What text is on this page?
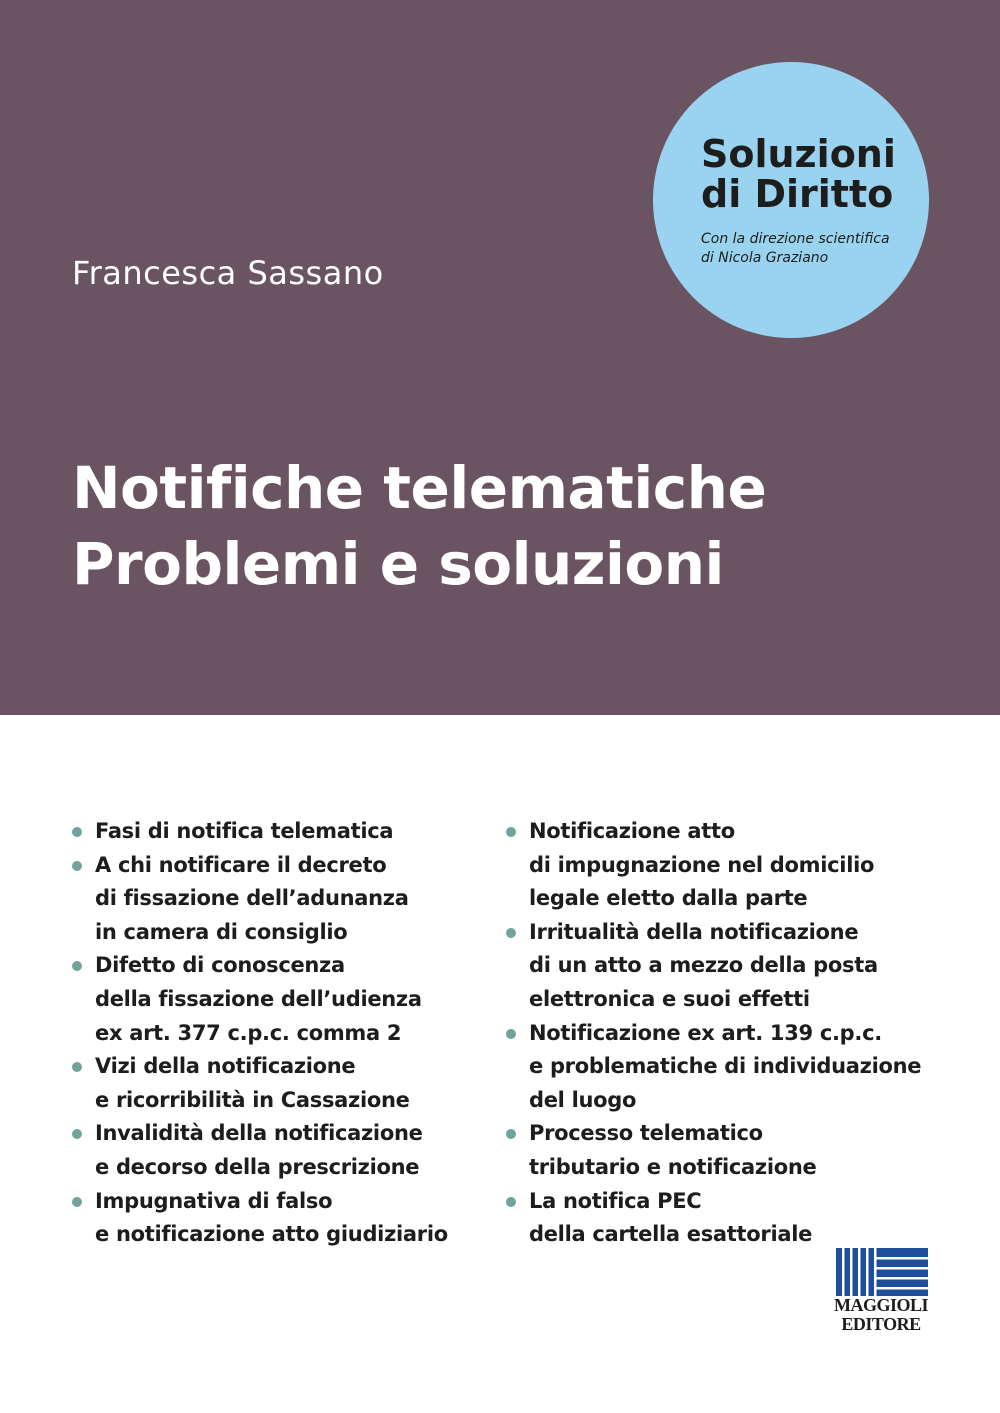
Francesca Sassano
Soluzioni
di Diritto
Con la direzione scientifica
di Nicola Graziano
Notifiche telematiche
Problemi e soluzioni
Fasi di notifica telematica
A chi notificare il decreto
di fissazione dell’adunanza
in camera di consiglio
Difetto di conoscenza
della fissazione dell’udienza
ex art. 377 c.p.c. comma 2
Vizi della notificazione
e ricorribilità in Cassazione
Invalidità della notificazione
e decorso della prescrizione
Impugnativa di falso
e notificazione atto giudiziario
Notificazione atto
di impugnazione nel domicilio
legale eletto dalla parte
Irritualità della notificazione
di un atto a mezzo della posta
elettronica e suoi effetti
Notificazione ex art. 139 c.p.c.
e problematiche di individuazione
del luogo
Processo telematico
tributario e notificazione
La notifica PEC
della cartella esattoriale
MAGGIOLI
EDITORE
